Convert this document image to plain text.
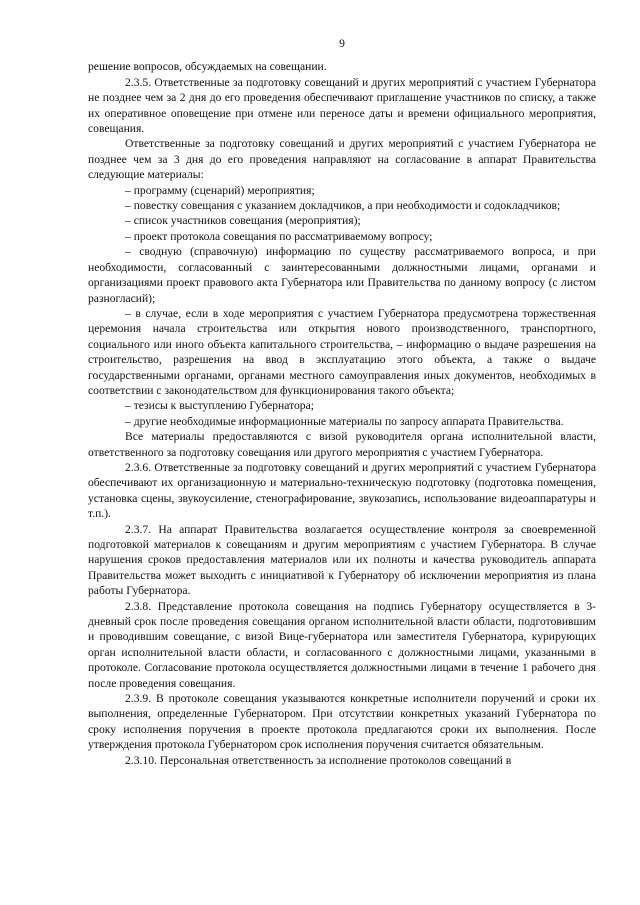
9

решение вопросов, обсуждаемых на совещании.

2.3.5. Ответственные за подготовку совещаний и других мероприятий с участием Губернатора не позднее чем за 2 дня до его проведения обеспечивают приглашение участников по списку, а также их оперативное оповещение при отмене или переносе даты и времени официального мероприятия, совещания.

Ответственные за подготовку совещаний и других мероприятий с участием Губернатора не позднее чем за 3 дня до его проведения направляют на согласование в аппарат Правительства следующие материалы:

– программу (сценарий) мероприятия;

– повестку совещания с указанием докладчиков, а при необходимости и содокладчиков;

– список участников совещания (мероприятия);

– проект протокола совещания по рассматриваемому вопросу;

– сводную (справочную) информацию по существу рассматриваемого вопроса, и при необходимости, согласованный с заинтересованными должностными лицами, органами и организациями проект правового акта Губернатора или Правительства по данному вопросу (с листом разногласий);

– в случае, если в ходе мероприятия с участием Губернатора предусмотрена торжественная церемония начала строительства или открытия нового производственного, транспортного, социального или иного объекта капитального строительства, – информацию о выдаче разрешения на строительство, разрешения на ввод в эксплуатацию этого объекта, а также о выдаче государственными органами, органами местного самоуправления иных документов, необходимых в соответствии с законодательством для функционирования такого объекта;

– тезисы к выступлению Губернатора;

– другие необходимые информационные материалы по запросу аппарата Правительства.

Все материалы предоставляются с визой руководителя органа исполнительной власти, ответственного за подготовку совещания или другого мероприятия с участием Губернатора.

2.3.6. Ответственные за подготовку совещаний и других мероприятий с участием Губернатора обеспечивают их организационную и материально-техническую подготовку (подготовка помещения, установка сцены, звукоусиление, стенографирование, звукозапись, использование видеоаппаратуры и т.п.).

2.3.7. На аппарат Правительства возлагается осуществление контроля за своевременной подготовкой материалов к совещаниям и другим мероприятиям с участием Губернатора. В случае нарушения сроков предоставления материалов или их полноты и качества руководитель аппарата Правительства может выходить с инициативой к Губернатору об исключении мероприятия из плана работы Губернатора.

2.3.8. Представление протокола совещания на подпись Губернатору осуществляется в 3-дневный срок после проведения совещания органом исполнительной власти области, подготовившим и проводившим совещание, с визой Вице-губернатора или заместителя Губернатора, курирующих орган исполнительной власти области, и согласованного с должностными лицами, указанными в протоколе. Согласование протокола осуществляется должностными лицами в течение 1 рабочего дня после проведения совещания.

2.3.9. В протоколе совещания указываются конкретные исполнители поручений и сроки их выполнения, определенные Губернатором. При отсутствии конкретных указаний Губернатора по сроку исполнения поручения в проекте протокола предлагаются сроки их выполнения. После утверждения протокола Губернатором срок исполнения поручения считается обязательным.

2.3.10. Персональная ответственность за исполнение протоколов совещаний в
